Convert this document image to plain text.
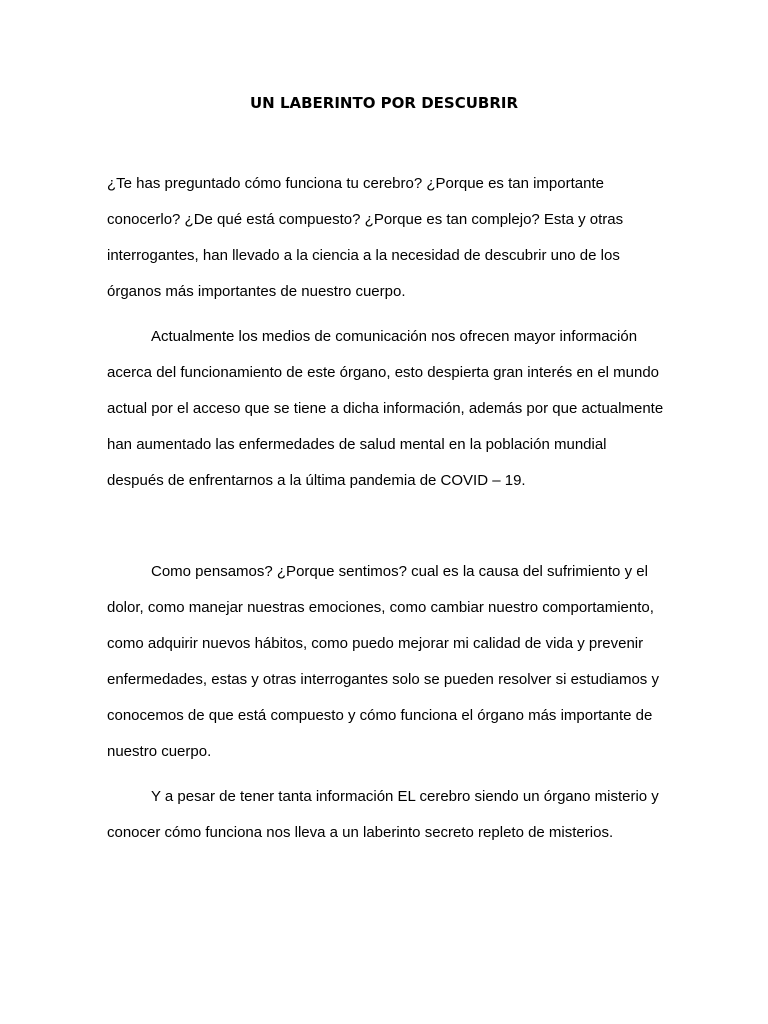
UN LABERINTO POR DESCUBRIR

¿Te has preguntado cómo funciona tu cerebro? ¿Porque es tan importante conocerlo? ¿De qué está compuesto? ¿Porque es tan complejo? Esta y otras interrogantes, han llevado a la ciencia a la necesidad de descubrir uno de los órganos más importantes de nuestro cuerpo.

Actualmente los medios de comunicación nos ofrecen mayor información acerca del funcionamiento de este órgano, esto despierta gran interés en el mundo actual por el acceso que se tiene a dicha información, además por que actualmente han aumentado las enfermedades de salud mental en la población mundial después de enfrentarnos a la última pandemia de COVID – 19.

Como pensamos? ¿Porque sentimos? cual es la causa del sufrimiento y el dolor, como manejar nuestras emociones, como cambiar nuestro comportamiento, como adquirir nuevos hábitos, como puedo mejorar mi calidad de vida y prevenir enfermedades, estas y otras interrogantes solo se pueden resolver si estudiamos y conocemos de que está compuesto y cómo funciona el órgano más importante de nuestro cuerpo.

Y a pesar de tener tanta información EL cerebro siendo un órgano misterio y conocer cómo funciona nos lleva a un laberinto secreto repleto de misterios.
